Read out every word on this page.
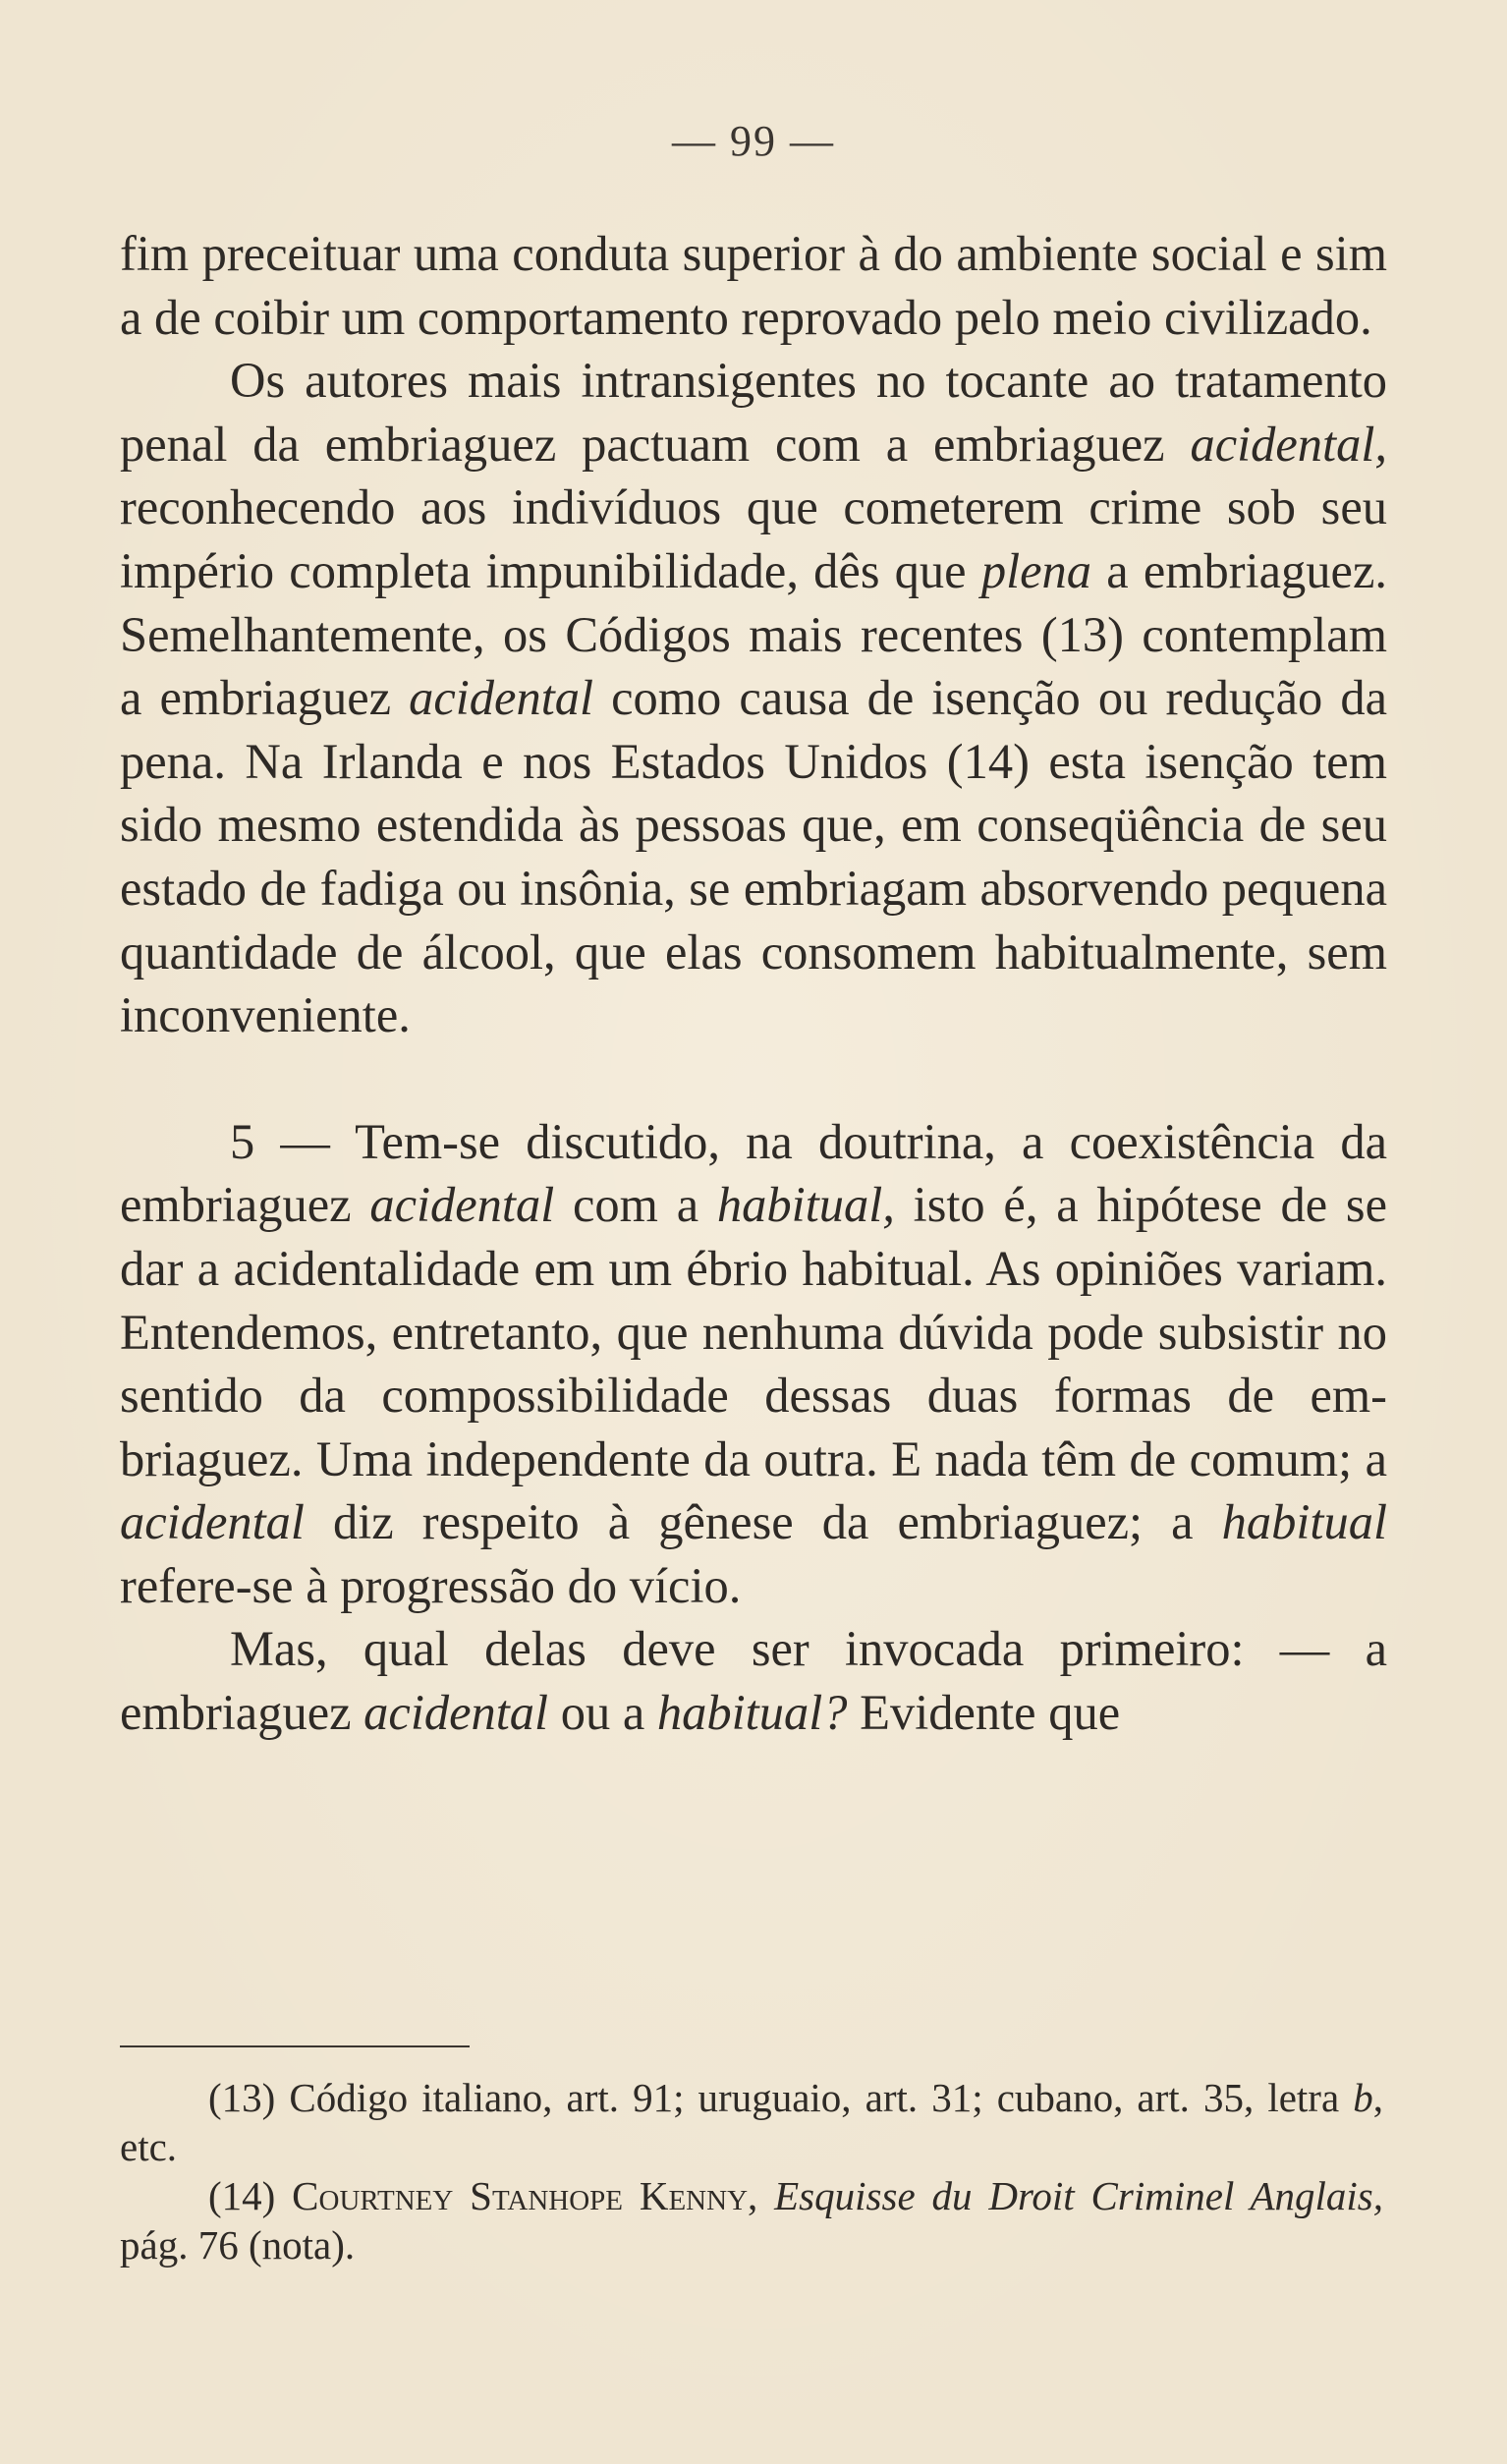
— 99 —

fim preceituar uma conduta superior à do ambiente social e sim a de coibir um comportamento reprovado pelo meio civilizado.

Os autores mais intransigentes no tocante ao tratamento penal da embriaguez pactuam com a embriaguez acidental, reconhecendo aos indivíduos que cometerem crime sob seu império completa impunibilidade, dês que plena a embriaguez. Semelhantemente, os Códigos mais recentes (13) contemplam a embriaguez acidental como causa de isenção ou redução da pena. Na Irlanda e nos Estados Unidos (14) esta isenção tem sido mesmo estendida às pessoas que, em conseqüência de seu estado de fadiga ou insônia, se embriagam absorvendo pequena quantidade de álcool, que elas consomem habitualmente, sem inconveniente.

5 — Tem-se discutido, na doutrina, a coexistência da embriaguez acidental com a habitual, isto é, a hipótese de se dar a acidentalidade em um ébrio habitual. As opiniões variam. Entendemos, entretanto, que nenhuma dúvida pode subsistir no sentido da compossibilidade dessas duas formas de embriaguez. Uma independente da outra. E nada têm de comum; a acidental diz respeito à gênese da embriaguez; a habitual refere-se à progressão do vício.

Mas, qual delas deve ser invocada primeiro: — a embriaguez acidental ou a habitual? Evidente que

(13) Código italiano, art. 91; uruguaio, art. 31; cubano, art. 35, letra b, etc.

(14) Courtney Stanhope Kenny, Esquisse du Droit Criminel Anglais, pág. 76 (nota).
